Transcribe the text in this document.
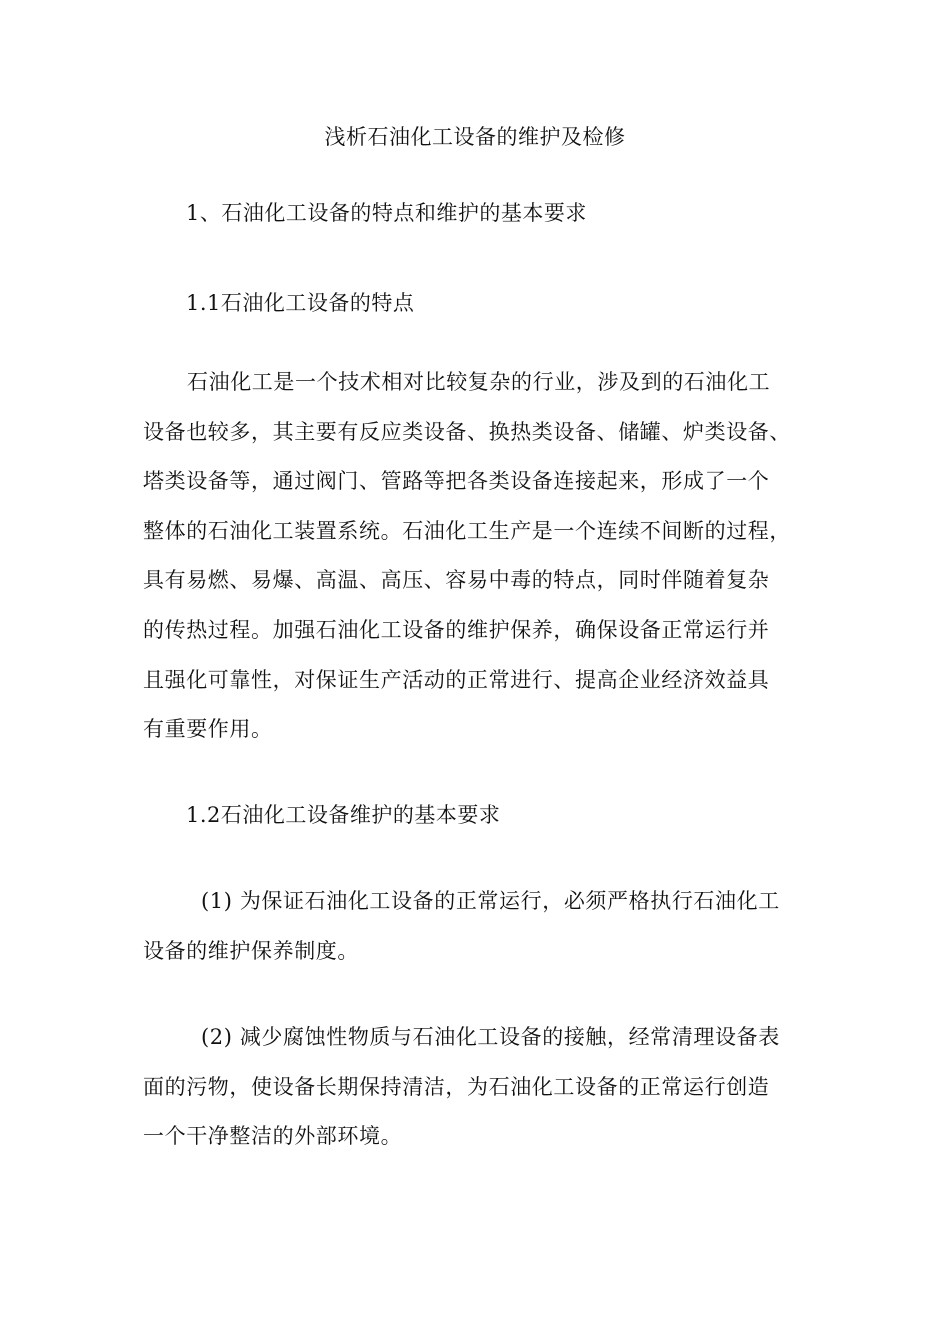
浅析石油化工设备的维护及检修
1、石油化工设备的特点和维护的基本要求
1.1石油化工设备的特点
石油化工是一个技术相对比较复杂的行业，涉及到的石油化工
设备也较多，其主要有反应类设备、换热类设备、储罐、炉类设备、
塔类设备等，通过阀门、管路等把各类设备连接起来，形成了一个
整体的石油化工装置系统。石油化工生产是一个连续不间断的过程，
具有易燃、易爆、高温、高压、容易中毒的特点，同时伴随着复杂
的传热过程。加强石油化工设备的维护保养，确保设备正常运行并
且强化可靠性，对保证生产活动的正常进行、提高企业经济效益具
有重要作用。
1.2石油化工设备维护的基本要求
(1) 为保证石油化工设备的正常运行，必须严格执行石油化工
设备的维护保养制度。
(2) 减少腐蚀性物质与石油化工设备的接触，经常清理设备表
面的污物，使设备长期保持清洁，为石油化工设备的正常运行创造
一个干净整洁的外部环境。
